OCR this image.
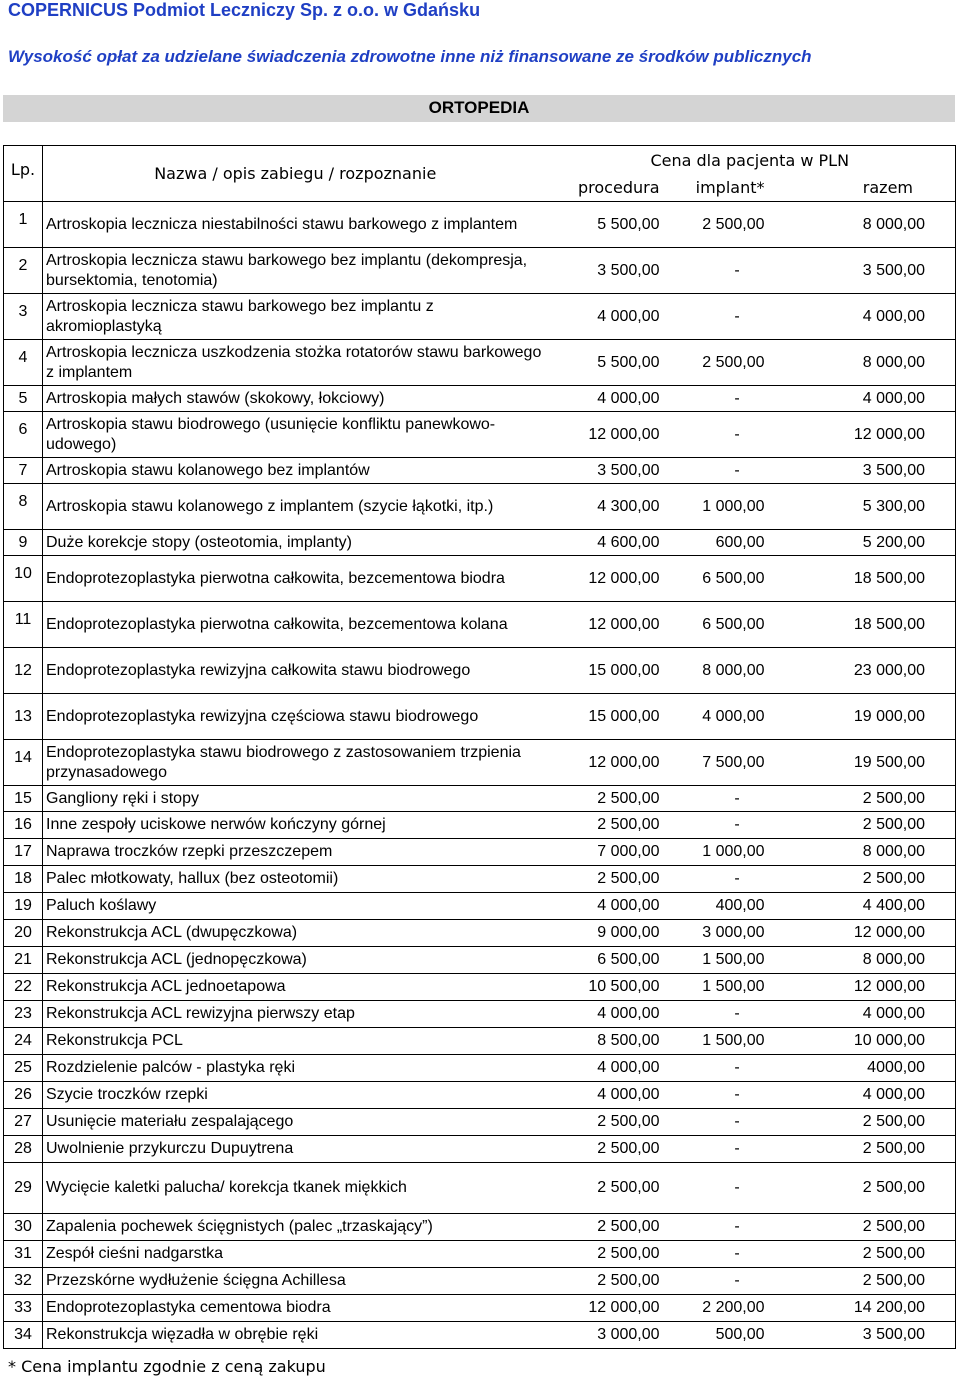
COPERNICUS Podmiot Leczniczy Sp. z o.o. w Gdańsku
Wysokość opłat za udzielane świadczenia zdrowotne inne niż finansowane ze środków publicznych
ORTOPEDIA
Lp.	Nazwa / opis zabiegu / rozpoznanie	Cena dla pacjenta w PLN		
		procedura	implant*	razem
1	Artroskopia lecznicza niestabilności stawu barkowego z implantem	5 500,00	2 500,00	8 000,00
2	Artroskopia lecznicza stawu barkowego bez implantu (dekompresja, bursektomia, tenotomia)	3 500,00	-	3 500,00
3	Artroskopia lecznicza stawu barkowego bez implantu z akromioplastyką	4 000,00	-	4 000,00
4	Artroskopia lecznicza uszkodzenia stożka rotatorów stawu barkowego z implantem	5 500,00	2 500,00	8 000,00
5	Artroskopia małych stawów (skokowy, łokciowy)	4 000,00	-	4 000,00
6	Artroskopia stawu biodrowego (usunięcie konfliktu panewkowo-udowego)	12 000,00	-	12 000,00
7	Artroskopia stawu kolanowego bez implantów	3 500,00	-	3 500,00
8	Artroskopia stawu kolanowego z implantem (szycie łąkotki, itp.)	4 300,00	1 000,00	5 300,00
9	Duże korekcje stopy (osteotomia, implanty)	4 600,00	600,00	5 200,00
10	Endoprotezoplastyka pierwotna całkowita, bezcementowa biodra	12 000,00	6 500,00	18 500,00
11	Endoprotezoplastyka pierwotna całkowita, bezcementowa kolana	12 000,00	6 500,00	18 500,00
12	Endoprotezoplastyka rewizyjna całkowita stawu biodrowego	15 000,00	8 000,00	23 000,00
13	Endoprotezoplastyka rewizyjna częściowa stawu biodrowego	15 000,00	4 000,00	19 000,00
14	Endoprotezoplastyka stawu biodrowego z zastosowaniem trzpienia przynasadowego	12 000,00	7 500,00	19 500,00
15	Gangliony ręki i stopy	2 500,00	-	2 500,00
16	Inne zespoły uciskowe nerwów kończyny górnej	2 500,00	-	2 500,00
17	Naprawa troczków rzepki przeszczepem	7 000,00	1 000,00	8 000,00
18	Palec młotkowaty, hallux (bez osteotomii)	2 500,00	-	2 500,00
19	Paluch koślawy	4 000,00	400,00	4 400,00
20	Rekonstrukcja ACL (dwupęczkowa)	9 000,00	3 000,00	12 000,00
21	Rekonstrukcja ACL (jednopęczkowa)	6 500,00	1 500,00	8 000,00
22	Rekonstrukcja ACL jednoetapowa	10 500,00	1 500,00	12 000,00
23	Rekonstrukcja ACL rewizyjna pierwszy etap	4 000,00	-	4 000,00
24	Rekonstrukcja PCL	8 500,00	1 500,00	10 000,00
25	Rozdzielenie palców - plastyka ręki	4 000,00	-	4000,00
26	Szycie troczków rzepki	4 000,00	-	4 000,00
27	Usunięcie materiału zespalającego	2 500,00	-	2 500,00
28	Uwolnienie przykurczu Dupuytrena	2 500,00	-	2 500,00
29	Wycięcie kaletki palucha/ korekcja tkanek miękkich	2 500,00	-	2 500,00
30	Zapalenia pochewek ścięgnistych (palec „trzaskający”)	2 500,00	-	2 500,00
31	Zespół cieśni nadgarstka	2 500,00	-	2 500,00
32	Przezskórne wydłużenie ścięgna Achillesa	2 500,00	-	2 500,00
33	Endoprotezoplastyka cementowa biodra	12 000,00	2 200,00	14 200,00
34	Rekonstrukcja więzadła w obrębie ręki	3 000,00	500,00	3 500,00
* Cena implantu zgodnie z ceną zakupu
